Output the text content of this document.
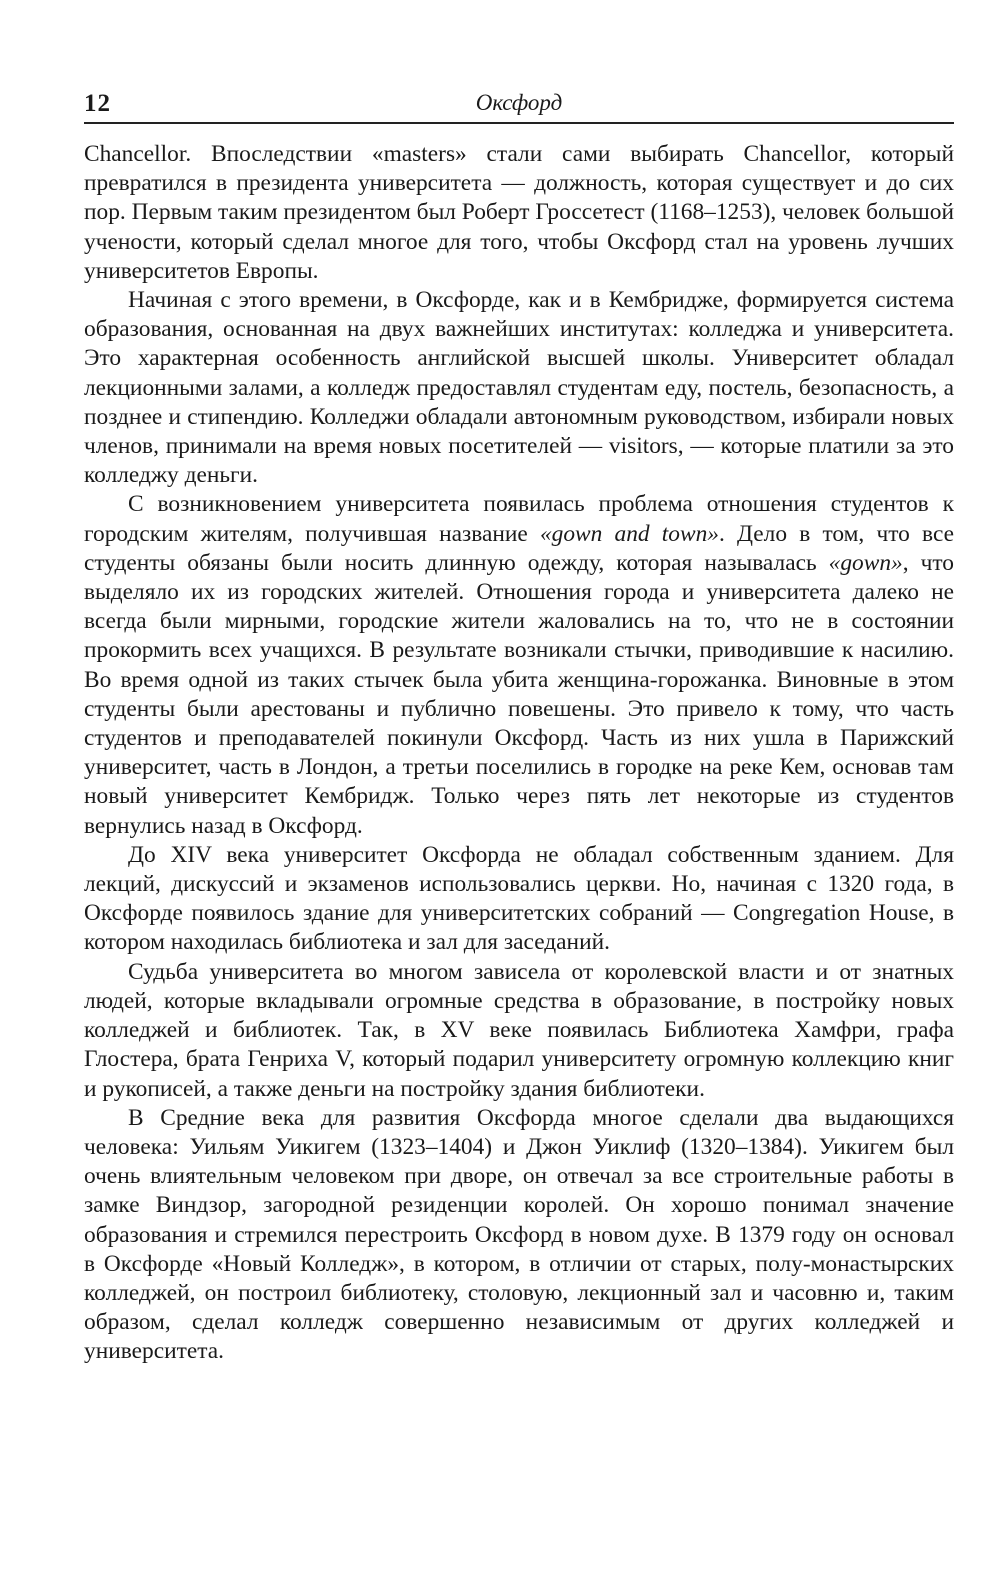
12	Оксфорд

Chancellor. Впоследствии «masters» стали сами выбирать Chancellor, который превратился в президента университета — должность, которая существует и до сих пор. Первым таким президентом был Роберт Гроссетест (1168–1253), человек большой учености, который сделал многое для того, чтобы Оксфорд стал на уровень лучших университетов Европы.

Начиная с этого времени, в Оксфорде, как и в Кембридже, формируется система образования, основанная на двух важнейших институтах: колледжа и университета. Это характерная особенность английской высшей школы. Университет обладал лекционными залами, а колледж предоставлял студентам еду, постель, безопасность, а позднее и стипендию. Колледжи обладали автономным руководством, избирали новых членов, принимали на время новых посетителей — visitors, — которые платили за это колледжу деньги.

С возникновением университета появилась проблема отношения студентов к городским жителям, получившая название «gown and town». Дело в том, что все студенты обязаны были носить длинную одежду, которая называлась «gown», что выделяло их из городских жителей. Отношения города и университета далеко не всегда были мирными, городские жители жаловались на то, что не в состоянии прокормить всех учащихся. В результате возникали стычки, приводившие к насилию. Во время одной из таких стычек была убита женщина-горожанка. Виновные в этом студенты были арестованы и публично повешены. Это привело к тому, что часть студентов и преподавателей покинули Оксфорд. Часть из них ушла в Парижский университет, часть в Лондон, а третьи поселились в городке на реке Кем, основав там новый университет Кембридж. Только через пять лет некоторые из студентов вернулись назад в Оксфорд.

До XIV века университет Оксфорда не обладал собственным зданием. Для лекций, дискуссий и экзаменов использовались церкви. Но, начиная с 1320 года, в Оксфорде появилось здание для университетских собраний — Congregation House, в котором находилась библиотека и зал для заседаний.

Судьба университета во многом зависела от королевской власти и от знатных людей, которые вкладывали огромные средства в образование, в постройку новых колледжей и библиотек. Так, в XV веке появилась Библиотека Хамфри, графа Глостера, брата Генриха V, который подарил университету огромную коллекцию книг и рукописей, а также деньги на постройку здания библиотеки.

В Средние века для развития Оксфорда многое сделали два выдающихся человека: Уильям Уикигем (1323–1404) и Джон Уиклиф (1320–1384). Уикигем был очень влиятельным человеком при дворе, он отвечал за все строительные работы в замке Виндзор, загородной резиденции королей. Он хорошо понимал значение образования и стремился перестроить Оксфорд в новом духе. В 1379 году он основал в Оксфорде «Новый Колледж», в котором, в отличии от старых, полу-монастырских колледжей, он построил библиотеку, столовую, лекционный зал и часовню и, таким образом, сделал колледж совершенно независимым от других колледжей и университета.
